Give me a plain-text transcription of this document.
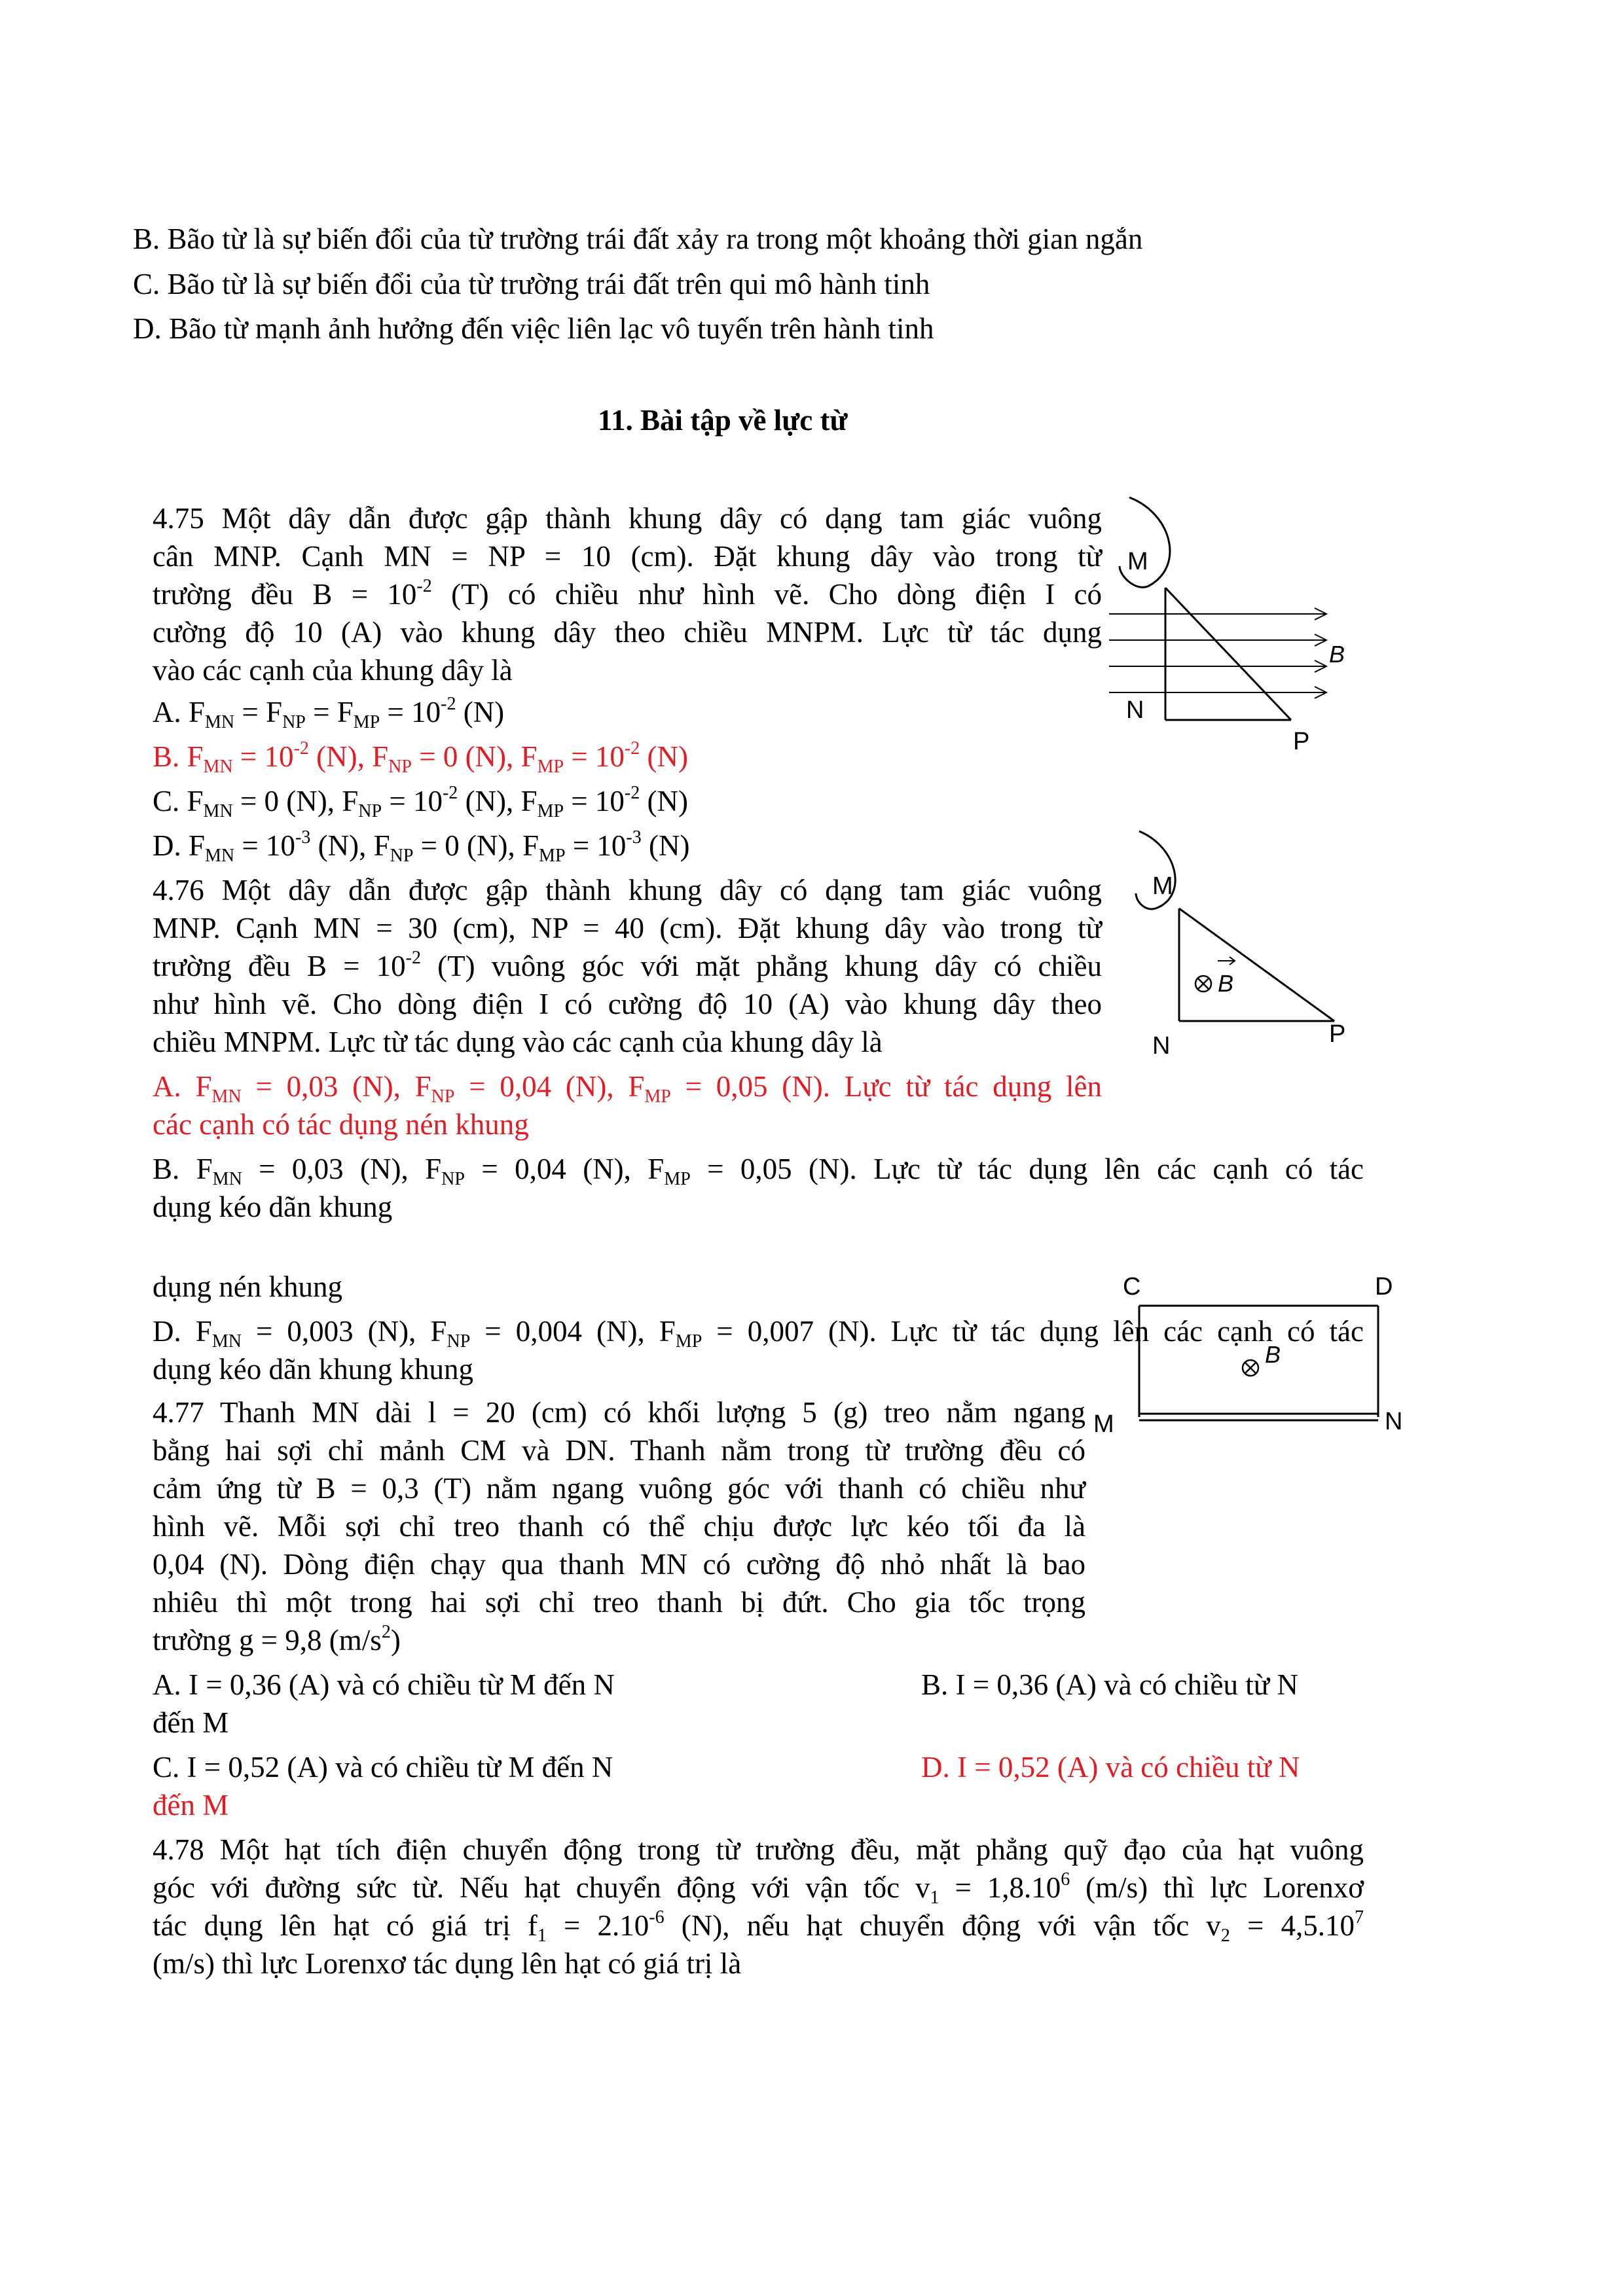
B. Bão từ là sự biến đổi của từ trường trái đất xảy ra trong một khoảng thời gian ngắn
C. Bão từ là sự biến đổi của từ trường trái đất trên qui mô hành tinh
D. Bão từ mạnh ảnh hưởng đến việc liên lạc vô tuyến trên hành tinh
11. Bài tập về lực từ
4.75 Một dây dẫn được gập thành khung dây có dạng tam giác vuông
cân MNP. Cạnh MN = NP = 10 (cm). Đặt khung dây vào trong từ
trường đều $B = 10^{-2}$ (T) có chiều như hình vẽ. Cho dòng điện I có
cường độ 10 (A) vào khung dây theo chiều MNPM. Lực từ tác dụng
vào các cạnh của khung dây là
A. $F_{MN} = F_{NP} = F_{MP} = 10^{-2}$ (N)
B. $F_{MN} = 10^{-2}$ (N), $F_{NP} = 0$ (N), $F_{MP} = 10^{-2}$ (N)
C. $F_{MN} = 0$ (N), $F_{NP} = 10^{-2}$ (N), $F_{MP} = 10^{-2}$ (N)
D. $F_{MN} = 10^{-3}$ (N), $F_{NP} = 0$ (N), $F_{MP} = 10^{-3}$ (N)
M
N
P
B
4.76 Một dây dẫn được gập thành khung dây có dạng tam giác vuông
MNP. Cạnh MN = 30 (cm), NP = 40 (cm). Đặt khung dây vào trong từ
trường đều $B = 10^{-2}$ (T) vuông góc với mặt phẳng khung dây có chiều
như hình vẽ. Cho dòng điện I có cường độ 10 (A) vào khung dây theo
chiều MNPM. Lực từ tác dụng vào các cạnh của khung dây là
A. $F_{MN} = 0,03$ (N), $F_{NP} = 0,04$ (N), $F_{MP} = 0,05$ (N). Lực từ tác dụng lên
các cạnh có tác dụng nén khung
B. $F_{MN} = 0,03$ (N), $F_{NP} = 0,04$ (N), $F_{MP} = 0,05$ (N). Lực từ tác dụng lên các cạnh có tác
dụng kéo dãn khung
dụng nén khung
D. $F_{MN} = 0,003$ (N), $F_{NP} = 0,004$ (N), $F_{MP} = 0,007$ (N). Lực từ tác dụng lên các cạnh có tác
dụng kéo dãn khung khung
B
M
N	P
4.77 Thanh MN dài l = 20 (cm) có khối lượng 5 (g) treo nằm ngang
bằng hai sợi chỉ mảnh CM và DN. Thanh nằm trong từ trường đều có
cảm ứng từ B = 0,3 (T) nằm ngang vuông góc với thanh có chiều như
hình vẽ. Mỗi sợi chỉ treo thanh có thể chịu được lực kéo tối đa là
0,04 (N). Dòng điện chạy qua thanh MN có cường độ nhỏ nhất là bao
nhiêu thì một trong hai sợi chỉ treo thanh bị đứt. Cho gia tốc trọng
trường g = 9,8 $(m/s^2)$
A. I = 0,36 (A) và có chiều từ M đến N	B. I = 0,36 (A) và có chiều từ N
đến M
C. I = 0,52 (A) và có chiều từ M đến N	D. I = 0,52 (A) và có chiều từ N
đến M
B
C	D
M	N
4.78 Một hạt tích điện chuyển động trong từ trường đều, mặt phẳng quỹ đạo của hạt vuông
góc với đường sức từ. Nếu hạt chuyển động với vận tốc $v_1 = 1,8.10^6$ (m/s) thì lực Lorenxơ
tác dụng lên hạt có giá trị $f_1 = 2.10^{-6}$ (N), nếu hạt chuyển động với vận tốc $v_2 = 4,5.10^7$
(m/s) thì lực Lorenxơ tác dụng lên hạt có giá trị là
